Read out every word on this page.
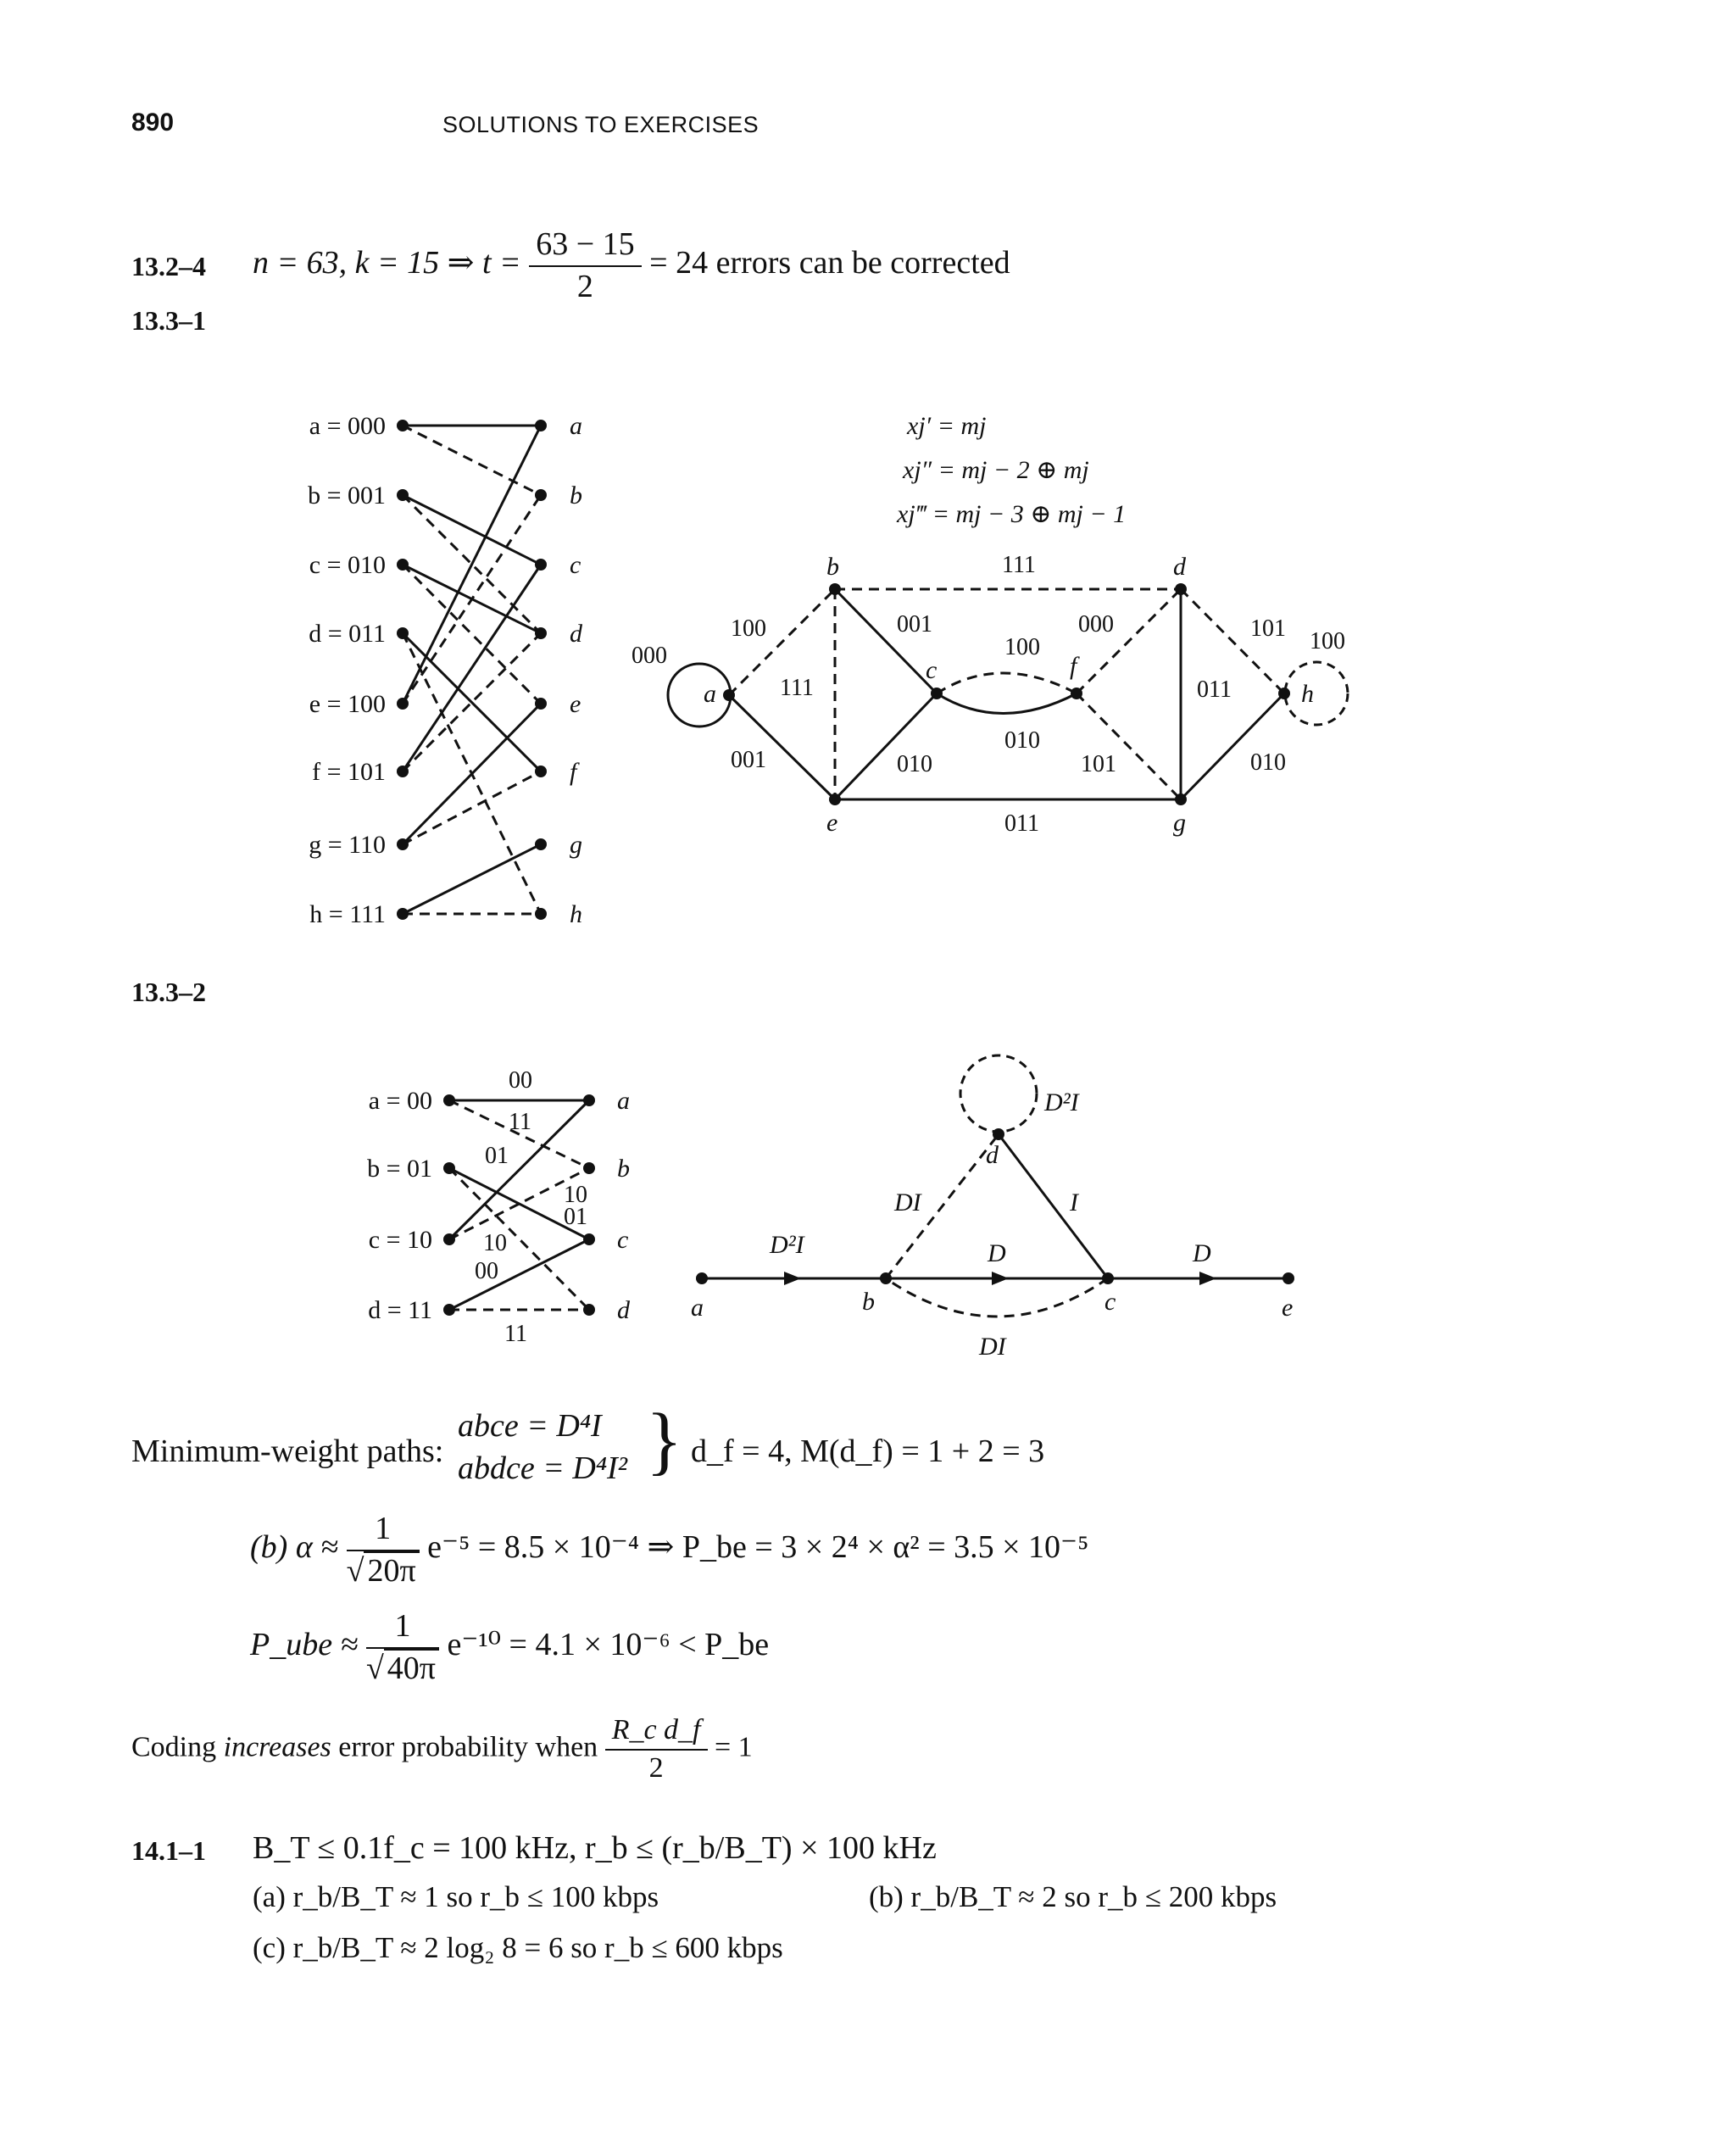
890	SOLUTIONS TO EXERCISES
13.2–4 n = 63, k = 15 ⇒ $t = \frac{63 - 15}{2} = 24$ errors can be corrected
13.3–1
a = 000
b = 001
c = 010
d = 011
e = 100
f = 101
g = 110
h = 111
a
b
c
d
e
f
g
h
xj′ = mj
xj″ = mj − 2 ⊕ mj
xj‴ = mj − 3 ⊕ mj − 1
a
b
c
d
e
f
g
h
000
100
111
001
001	010
111
100
010
000
101
011
101 100
011
010
a = 00
b = 01
c = 10
d = 11
a
b
c
d
00
11
01
10
01
10
00
11
a	b	c
d
e
D²I
DI
D
I
D
DI
D²I
13.3–2
Minimum-weight paths:
abce = D⁴I
abdce = D⁴I² } d_f = 4, M(d_f) = 1 + 2 = 3
(b) $\alpha \approx \frac{1}{√ 20\pi} e^{-5} = 8.5 \times 10^{-4}$ ⇒ P_be = 3 × 2⁴ × α² = 3.5 × 10⁻⁵
P_ube ≈ $\frac{1}{√ 40\pi} e^{-10} = 4.1 \times 10^{-6}$ < P_be
Coding increases error probability when $\frac{\text{R\_c d\_f}}{2} = 1$
14.1–1 B_T ≤ 0.1f_c = 100 kHz, r_b ≤ (r_b/B_T) × 100 kHz
(a) r_b/B_T ≈ 1 so r_b ≤ 100 kbps	(b) r_b/B_T ≈ 2 so r_b ≤ 200 kbps
(c) r_b/B_T ≈ 2 log₂ 8 = 6 so r_b ≤ 600 kbps
